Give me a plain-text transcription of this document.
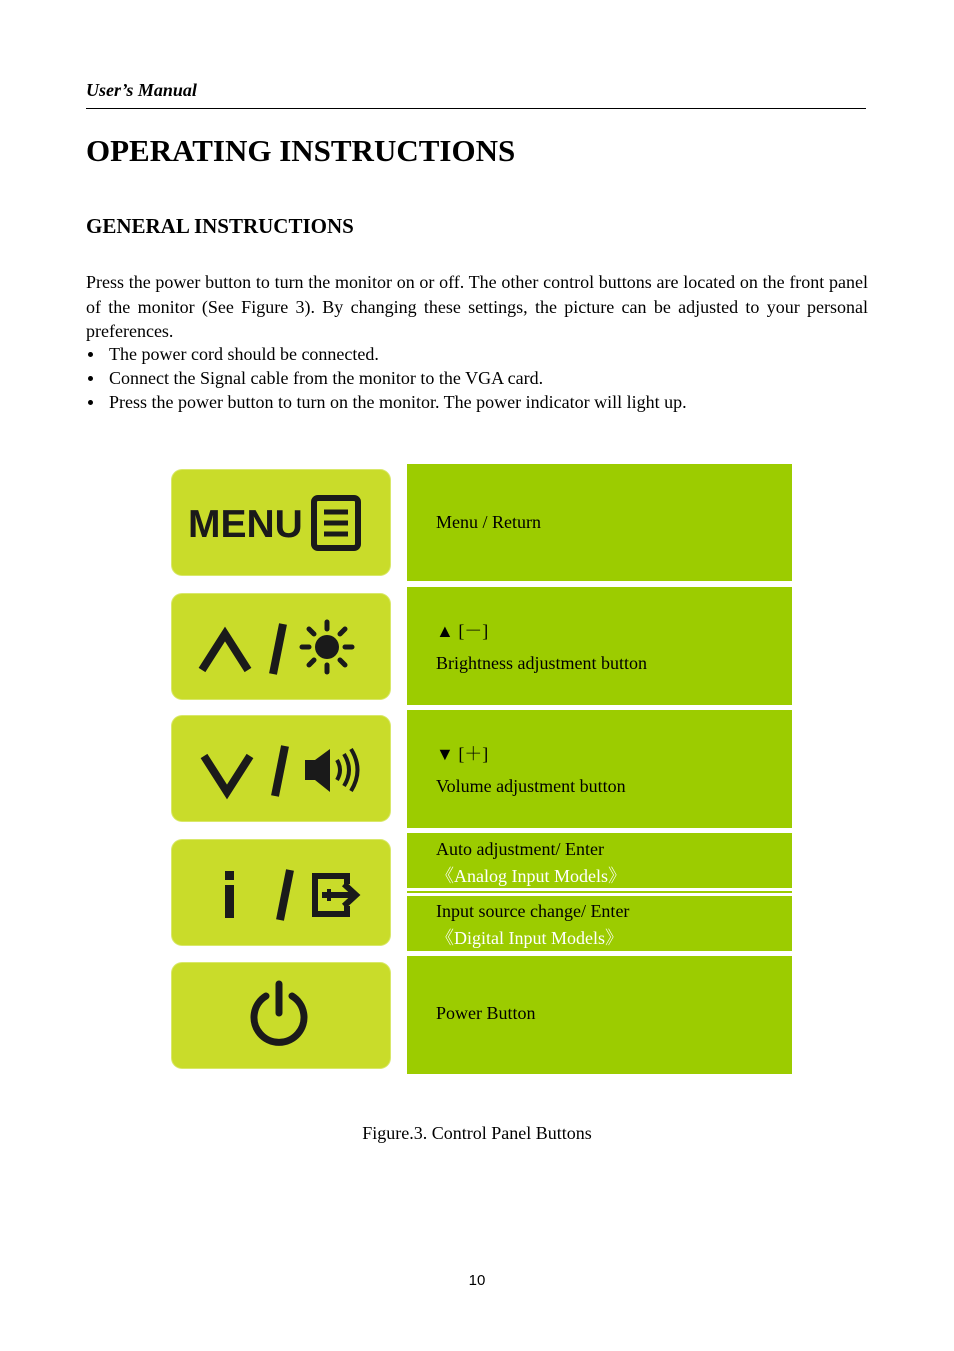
User’s Manual
OPERATING INSTRUCTIONS
GENERAL INSTRUCTIONS

Press the power button to turn the monitor on or off. The other control buttons are located on the front panel of the monitor (See Figure 3). By changing these settings, the picture can be adjusted to your personal preferences.

The power cord should be connected.
Connect the Signal cable from the monitor to the VGA card.
Press the power button to turn on the monitor. The power indicator will light up.
MENU	Menu / Return
▲ [－]
Brightness adjustment button
▼ [＋]
Volume adjustment button
Auto adjustment/ Enter
《Analog Input Models》
Input source change/ Enter
《Digital Input Models》
Power Button
Figure.3. Control Panel Buttons
10
